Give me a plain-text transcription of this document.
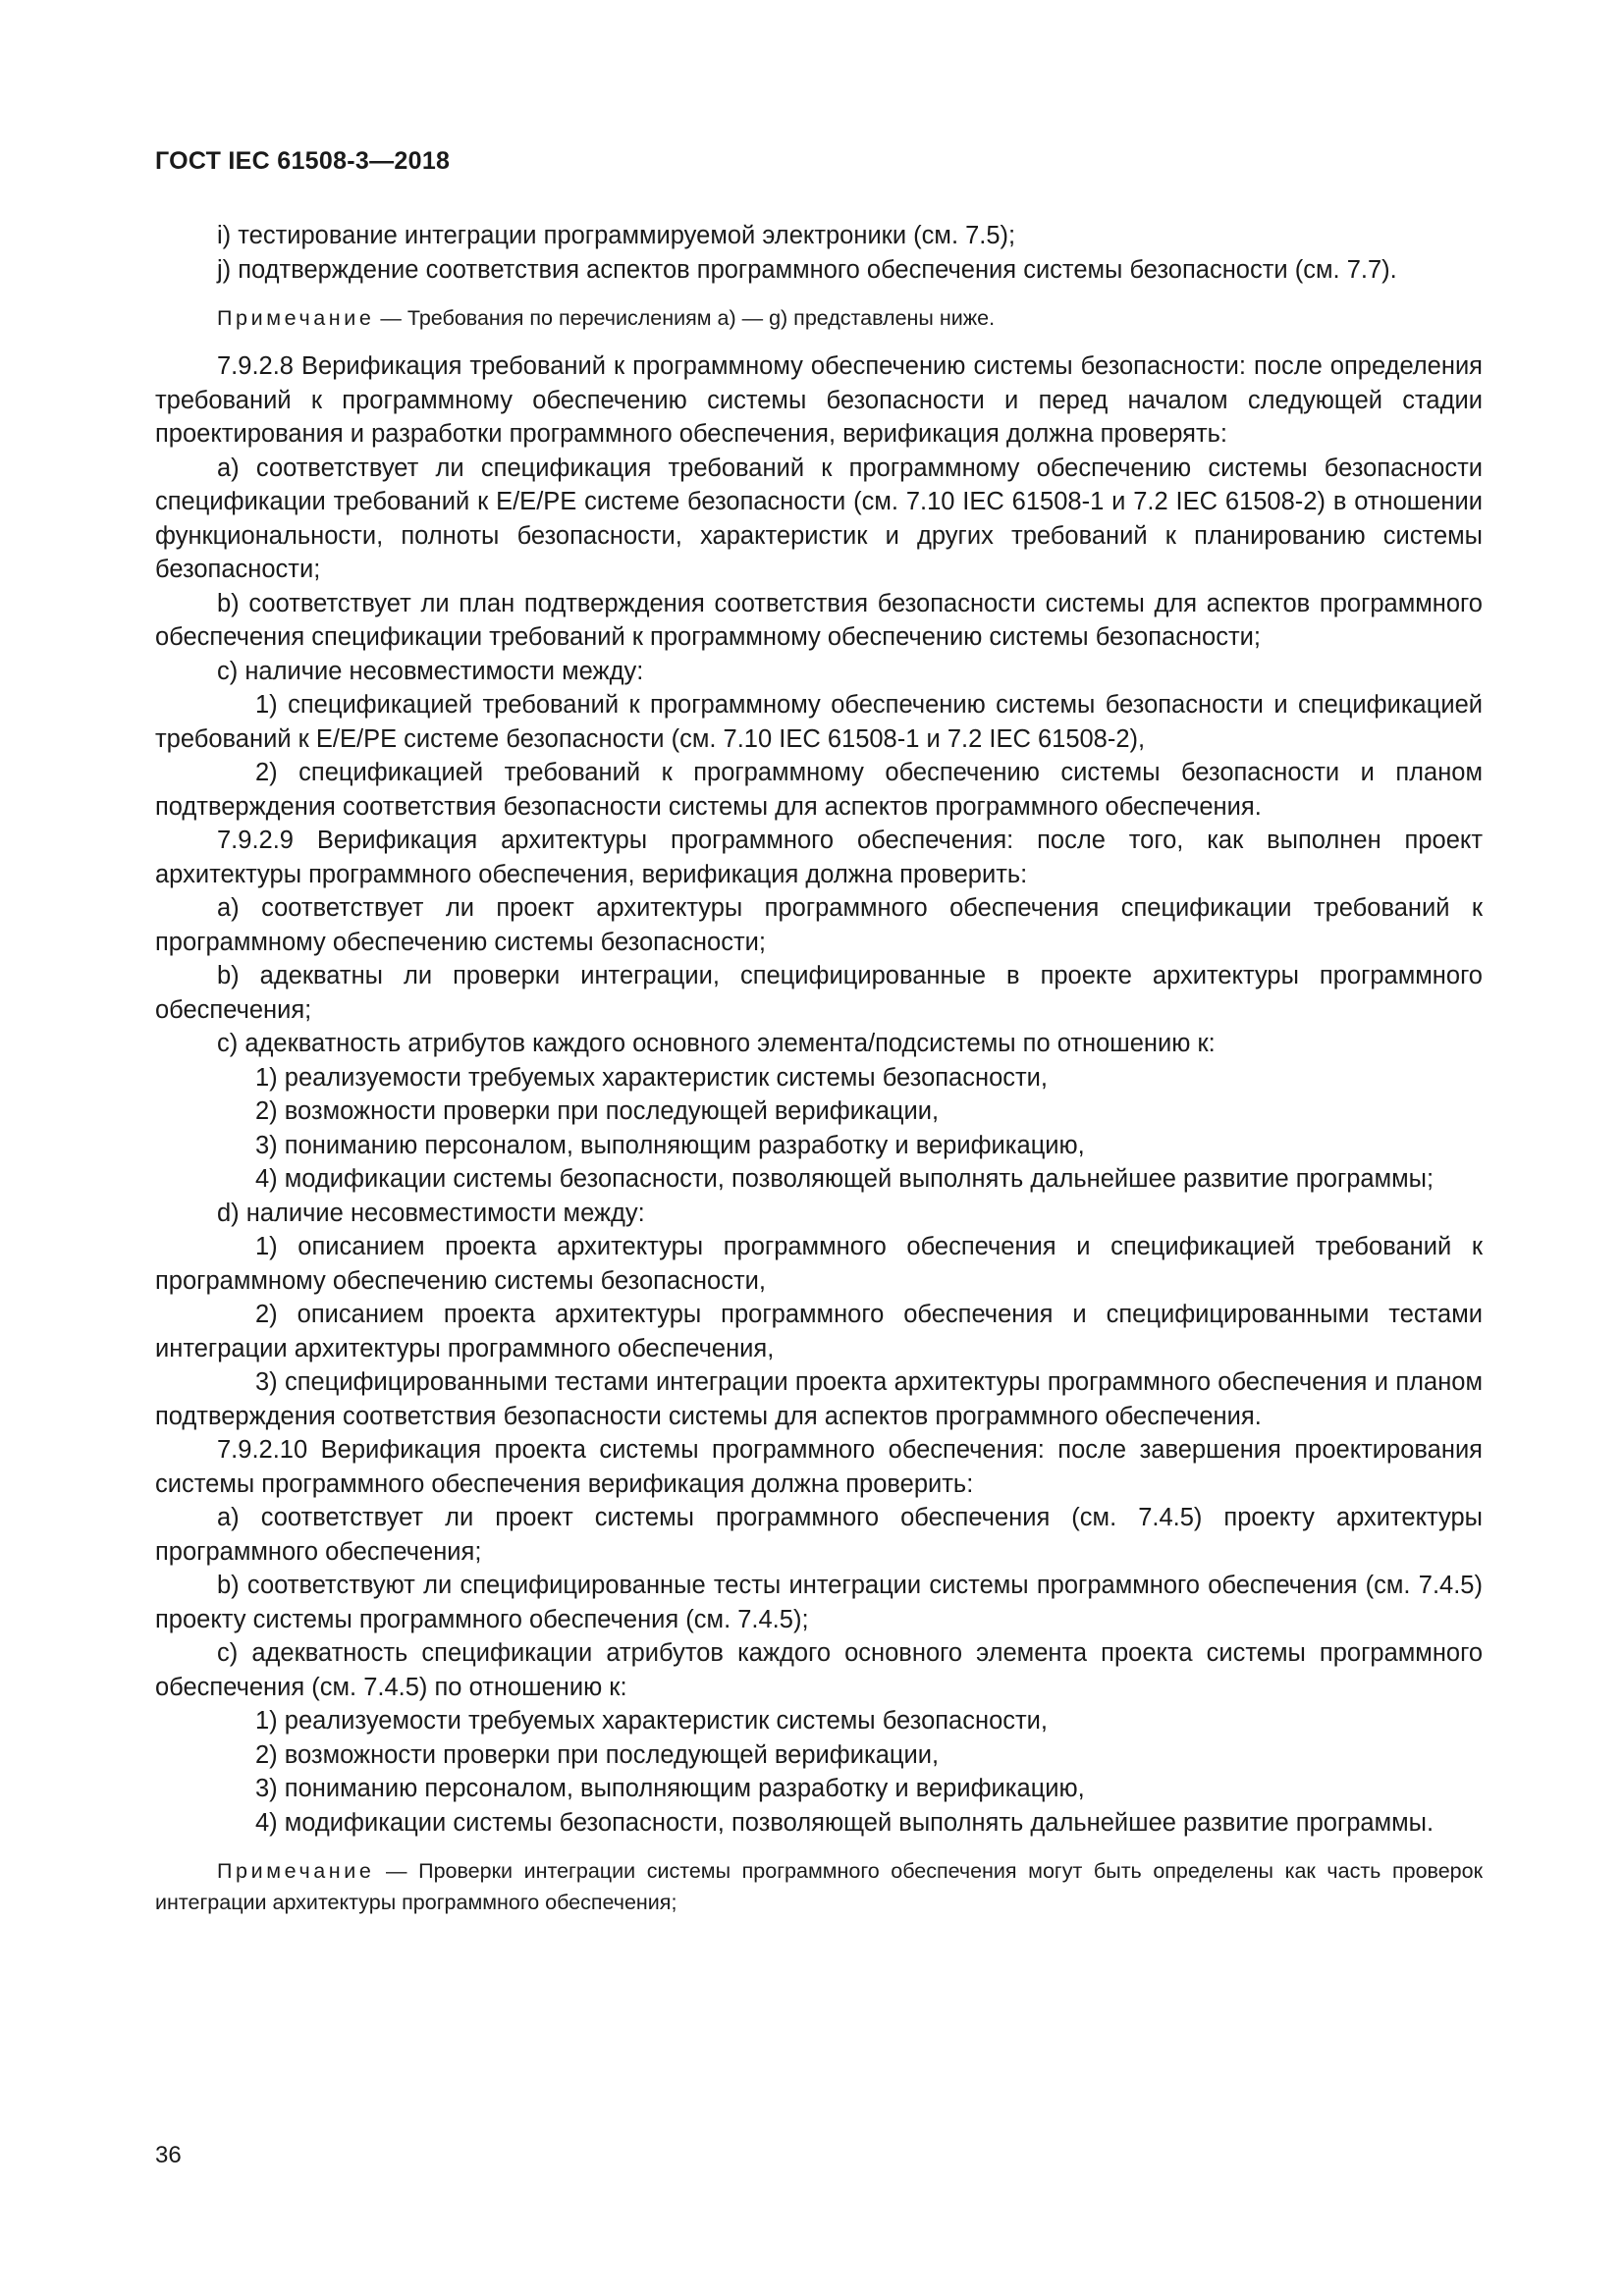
ГОСТ IEC 61508-3—2018

i) тестирование интеграции программируемой электроники (см. 7.5);

j) подтверждение соответствия аспектов программного обеспечения системы безопасности (см. 7.7).

Примечание — Требования по перечислениям a) — g) представлены ниже.

7.9.2.8 Верификация требований к программному обеспечению системы безопасности: после определения требований к программному обеспечению системы безопасности и перед началом следующей стадии проектирования и разработки программного обеспечения, верификация должна проверять:

a) соответствует ли спецификация требований к программному обеспечению системы безопасности спецификации требований к E/E/PE системе безопасности (см. 7.10 IEC 61508-1 и 7.2 IEC 61508-2) в отношении функциональности, полноты безопасности, характеристик и других требований к планированию системы безопасности;

b) соответствует ли план подтверждения соответствия безопасности системы для аспектов программного обеспечения спецификации требований к программному обеспечению системы безопасности;

c) наличие несовместимости между:

1) спецификацией требований к программному обеспечению системы безопасности и спецификацией требований к E/E/PE системе безопасности (см. 7.10 IEC 61508-1 и 7.2 IEC 61508-2),

2) спецификацией требований к программному обеспечению системы безопасности и планом подтверждения соответствия безопасности системы для аспектов программного обеспечения.

7.9.2.9 Верификация архитектуры программного обеспечения: после того, как выполнен проект архитектуры программного обеспечения, верификация должна проверить:

a) соответствует ли проект архитектуры программного обеспечения спецификации требований к программному обеспечению системы безопасности;

b) адекватны ли проверки интеграции, специфицированные в проекте архитектуры программного обеспечения;

c) адекватность атрибутов каждого основного элемента/подсистемы по отношению к:

1) реализуемости требуемых характеристик системы безопасности,

2) возможности проверки при последующей верификации,

3) пониманию персоналом, выполняющим разработку и верификацию,

4) модификации системы безопасности, позволяющей выполнять дальнейшее развитие программы;

d) наличие несовместимости между:

1) описанием проекта архитектуры программного обеспечения и спецификацией требований к программному обеспечению системы безопасности,

2) описанием проекта архитектуры программного обеспечения и специфицированными тестами интеграции архитектуры программного обеспечения,

3) специфицированными тестами интеграции проекта архитектуры программного обеспечения и планом подтверждения соответствия безопасности системы для аспектов программного обеспечения.

7.9.2.10 Верификация проекта системы программного обеспечения: после завершения проектирования системы программного обеспечения верификация должна проверить:

a) соответствует ли проект системы программного обеспечения (см. 7.4.5) проекту архитектуры программного обеспечения;

b) соответствуют ли специфицированные тесты интеграции системы программного обеспечения (см. 7.4.5) проекту системы программного обеспечения (см. 7.4.5);

c) адекватность спецификации атрибутов каждого основного элемента проекта системы программного обеспечения (см. 7.4.5) по отношению к:

1) реализуемости требуемых характеристик системы безопасности,

2) возможности проверки при последующей верификации,

3) пониманию персоналом, выполняющим разработку и верификацию,

4) модификации системы безопасности, позволяющей выполнять дальнейшее развитие программы.

Примечание — Проверки интеграции системы программного обеспечения могут быть определены как часть проверок интеграции архитектуры программного обеспечения;

36
